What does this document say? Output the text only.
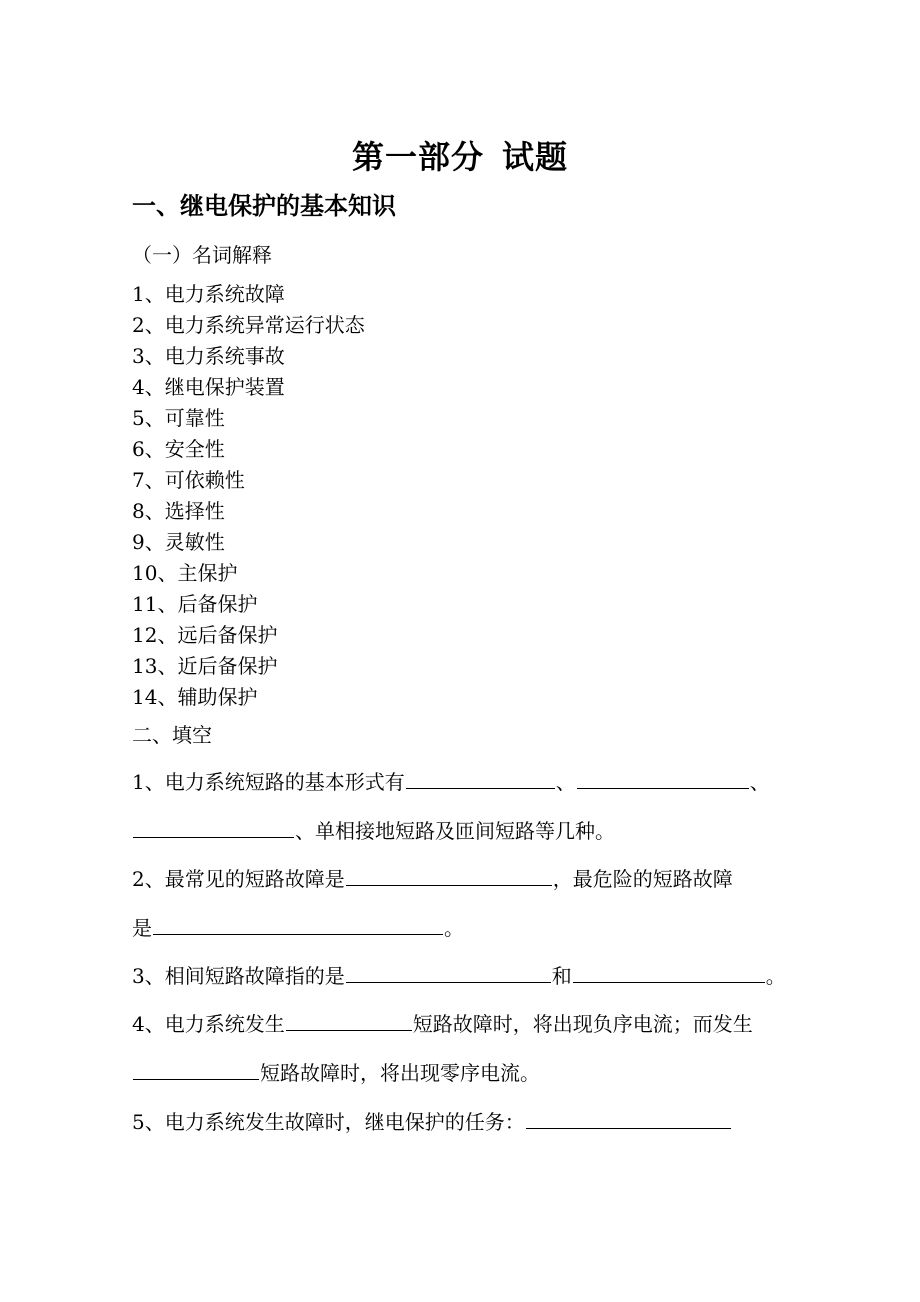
第一部分 试题
一、继电保护的基本知识
（一）名词解释
1、电力系统故障
2、电力系统异常运行状态
3、电力系统事故
4、继电保护装置
5、可靠性
6、安全性
7、可依赖性
8、选择性
9、灵敏性
10、主保护
11、后备保护
12、远后备保护
13、近后备保护
14、辅助保护
二、填空

1、电力系统短路的基本形式有	、	、

、单相接地短路及匝间短路等几种。

2、最常见的短路故障是	，最危险的短路故障

是	。

3、相间短路故障指的是	和	。

4、电力系统发生	短路故障时，将出现负序电流；而发生

短路故障时，将出现零序电流。

5、电力系统发生故障时，继电保护的任务：
